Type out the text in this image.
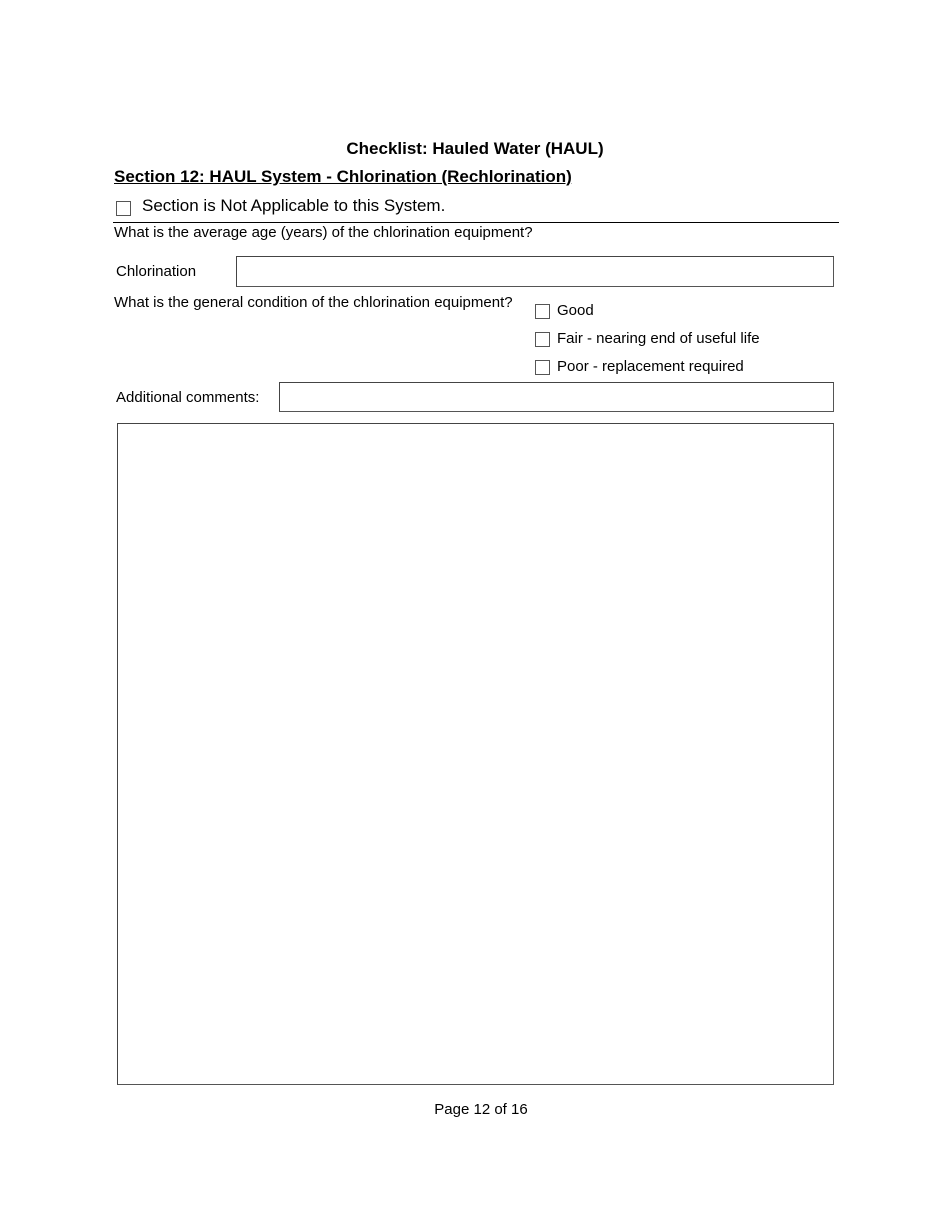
Checklist: Hauled Water (HAUL)
Section 12: HAUL System - Chlorination (Rechlorination)
Section is Not Applicable to this System.
What is the average age (years) of the chlorination equipment?
Chlorination
What is the general condition of the chlorination equipment?	Good
Fair - nearing end of useful life
Poor - replacement required
Additional comments:
Page 12 of 16
